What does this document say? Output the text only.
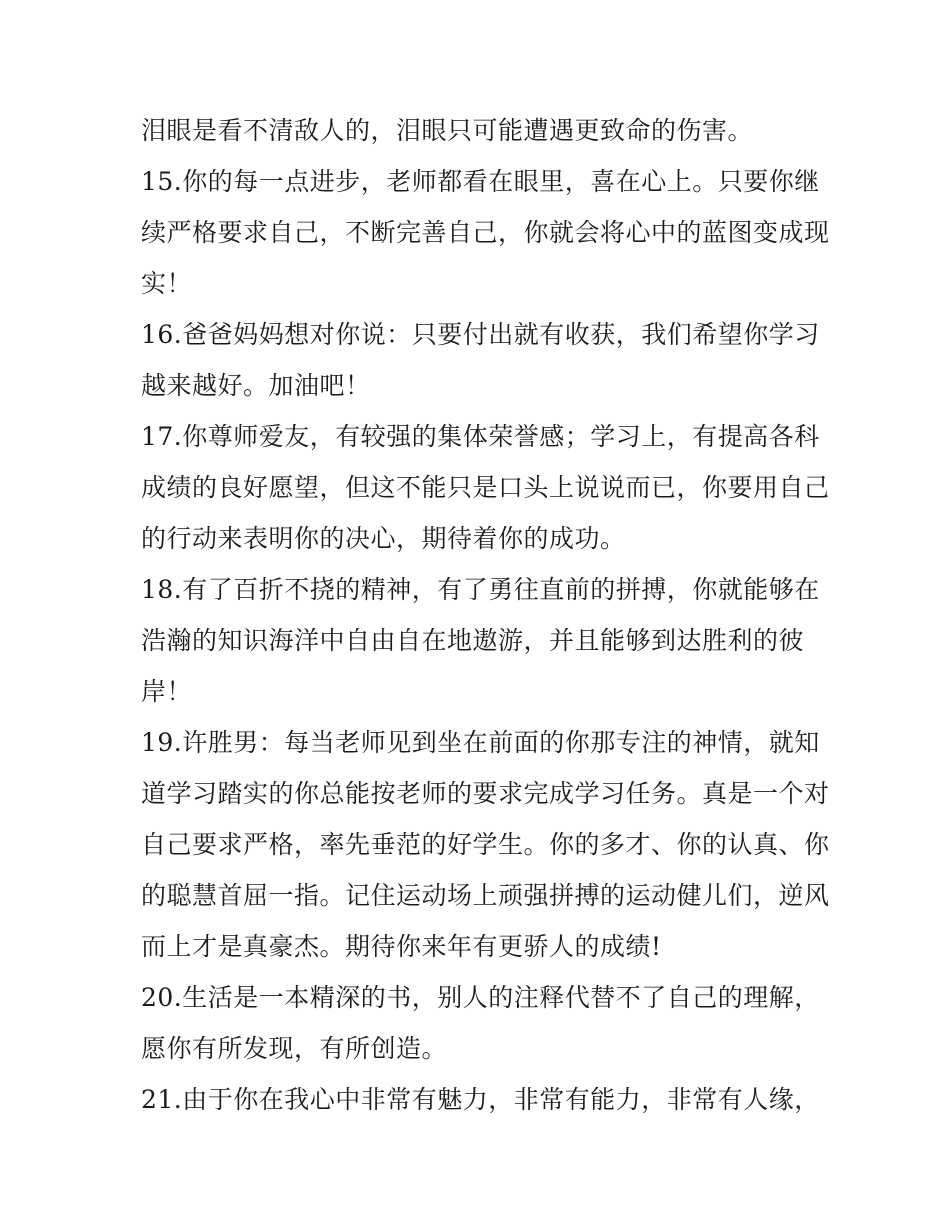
泪眼是看不清敌人的，泪眼只可能遭遇更致命的伤害。
15.你的每一点进步，老师都看在眼里，喜在心上。只要你继
续严格要求自己，不断完善自己，你就会将心中的蓝图变成现
实！
16.爸爸妈妈想对你说：只要付出就有收获，我们希望你学习
越来越好。加油吧！
17.你尊师爱友，有较强的集体荣誉感；学习上，有提高各科
成绩的良好愿望，但这不能只是口头上说说而已，你要用自己
的行动来表明你的决心，期待着你的成功。
18.有了百折不挠的精神，有了勇往直前的拼搏，你就能够在
浩瀚的知识海洋中自由自在地遨游，并且能够到达胜利的彼
岸！
19.许胜男：每当老师见到坐在前面的你那专注的神情，就知
道学习踏实的你总能按老师的要求完成学习任务。真是一个对
自己要求严格，率先垂范的好学生。你的多才、你的认真、你
的聪慧首屈一指。记住运动场上顽强拼搏的运动健儿们，逆风
而上才是真豪杰。期待你来年有更骄人的成绩!
20.生活是一本精深的书，别人的注释代替不了自己的理解，
愿你有所发现，有所创造。
21.由于你在我心中非常有魅力，非常有能力，非常有人缘，
